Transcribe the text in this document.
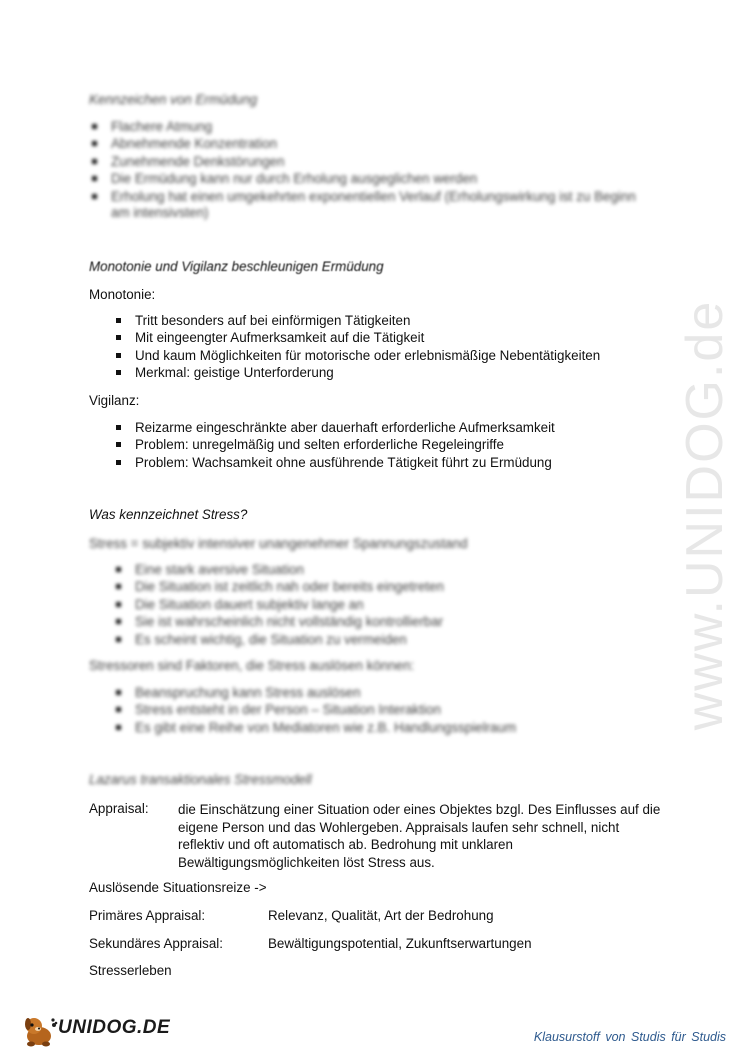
www.UNIDOG.de
Kennzeichen von Ermüdung
Flachere Atmung
Abnehmende Konzentration
Zunehmende Denkstörungen
Die Ermüdung kann nur durch Erholung ausgeglichen werden
Erholung hat einen umgekehrten exponentiellen Verlauf (Erholungswirkung ist zu Beginn
am intensivsten)
Monotonie und Vigilanz beschleunigen Ermüdung
Monotonie:
Tritt besonders auf bei einförmigen Tätigkeiten
Mit eingeengter Aufmerksamkeit auf die Tätigkeit
Und kaum Möglichkeiten für motorische oder erlebnismäßige Nebentätigkeiten
Merkmal: geistige Unterforderung
Vigilanz:
Reizarme eingeschränkte aber dauerhaft erforderliche Aufmerksamkeit
Problem: unregelmäßig und selten erforderliche Regeleingriffe
Problem: Wachsamkeit ohne ausführende Tätigkeit führt zu Ermüdung
Was kennzeichnet Stress?
Stress = subjektiv intensiver unangenehmer Spannungszustand
Eine stark aversive Situation
Die Situation ist zeitlich nah oder bereits eingetreten
Die Situation dauert subjektiv lange an
Sie ist wahrscheinlich nicht vollständig kontrollierbar
Es scheint wichtig, die Situation zu vermeiden
Stressoren sind Faktoren, die Stress auslösen können:
Beanspruchung kann Stress auslösen
Stress entsteht in der Person – Situation Interaktion
Es gibt eine Reihe von Mediatoren wie z.B. Handlungsspielraum
Lazarus transaktionales Stressmodell
Appraisal: die Einschätzung einer Situation oder eines Objektes bzgl. Des Einflusses auf die eigene Person und das Wohlergeben. Appraisals laufen sehr schnell, nicht reflektiv und oft automatisch ab. Bedrohung mit unklaren Bewältigungsmöglichkeiten löst Stress aus.
Auslösende Situationsreize ->
Primäres Appraisal:	Relevanz, Qualität, Art der Bedrohung
Sekundäres Appraisal:	Bewältigungspotential, Zukunftserwartungen
Stresserleben
UNIDOG.DE	Klausurstoff von Studis für Studis
